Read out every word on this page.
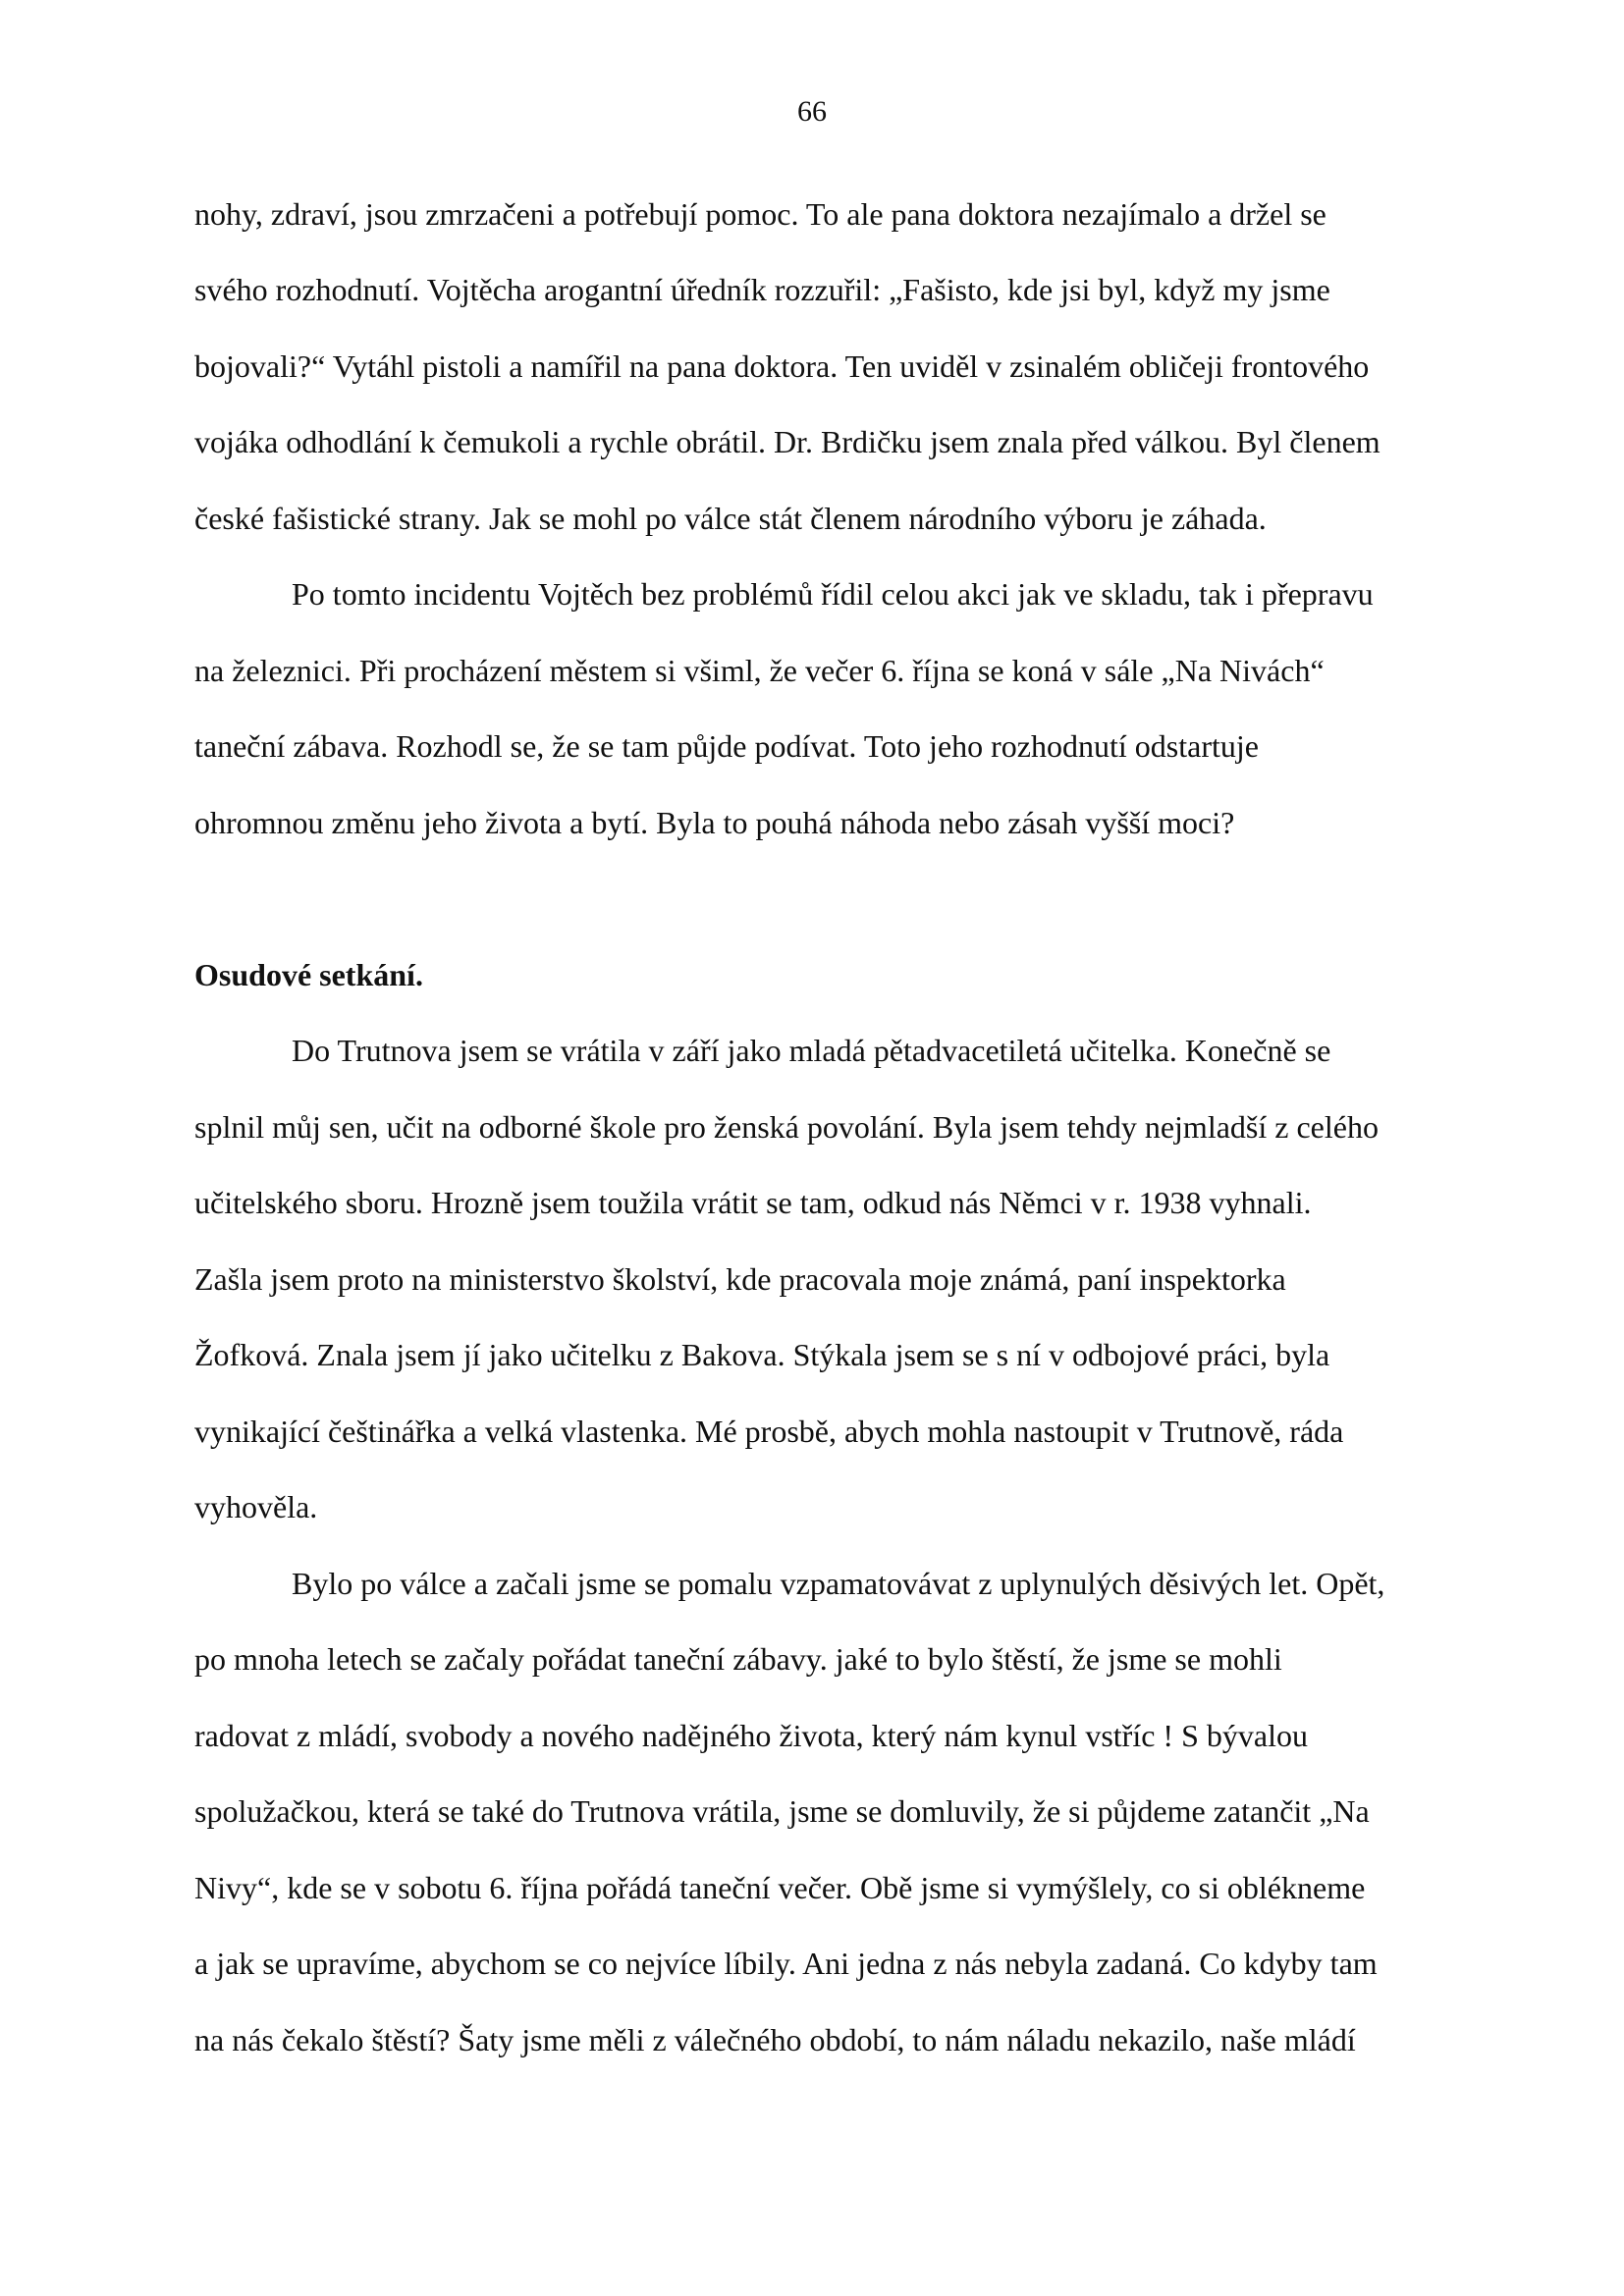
66
nohy, zdraví, jsou zmrzačeni a potřebují pomoc. To ale pana doktora nezajímalo a držel se
svého rozhodnutí. Vojtěcha arogantní úředník rozzuřil: „Fašisto, kde jsi byl, když my jsme
bojovali?“ Vytáhl pistoli a namířil na pana doktora. Ten uviděl v zsinalém obličeji frontového
vojáka odhodlání k čemukoli a rychle obrátil. Dr. Brdičku jsem znala před válkou. Byl členem
české fašistické strany. Jak se mohl po válce stát členem národního výboru je záhada.
Po tomto incidentu Vojtěch bez problémů řídil celou akci jak ve skladu, tak i přepravu
na železnici. Při procházení městem si všiml, že večer 6. října se koná v sále „Na Nivách“
taneční zábava. Rozhodl se, že se tam půjde podívat. Toto jeho rozhodnutí odstartuje
ohromnou změnu jeho života a bytí. Byla to pouhá náhoda nebo zásah vyšší moci?
Osudové setkání.
Do Trutnova jsem se vrátila v září jako mladá pětadvacetiletá učitelka. Konečně se
splnil můj sen, učit na odborné škole pro ženská povolání. Byla jsem tehdy nejmladší z celého
učitelského sboru. Hrozně jsem toužila vrátit se tam, odkud nás Němci v r. 1938 vyhnali.
Zašla jsem proto na ministerstvo školství, kde pracovala moje známá, paní inspektorka
Žofková. Znala jsem jí jako učitelku z Bakova. Stýkala jsem se s ní v odbojové práci, byla
vynikající češtinářka a velká vlastenka. Mé prosbě, abych mohla nastoupit v Trutnově, ráda
vyhověla.
Bylo po válce a začali jsme se pomalu vzpamatovávat z uplynulých děsivých let. Opět,
po mnoha letech se začaly pořádat taneční zábavy. jaké to bylo štěstí, že jsme se mohli
radovat z mládí, svobody a nového nadějného života, který nám kynul vstříc ! S bývalou
spolužačkou, která se také do Trutnova vrátila, jsme se domluvily, že si půjdeme zatančit „Na
Nivy“, kde se v sobotu 6. října pořádá taneční večer. Obě jsme si vymýšlely, co si oblékneme
a jak se upravíme, abychom se co nejvíce líbily. Ani jedna z nás nebyla zadaná. Co kdyby tam
na nás čekalo štěstí? Šaty jsme měli z válečného období, to nám náladu nekazilo, naše mládí
